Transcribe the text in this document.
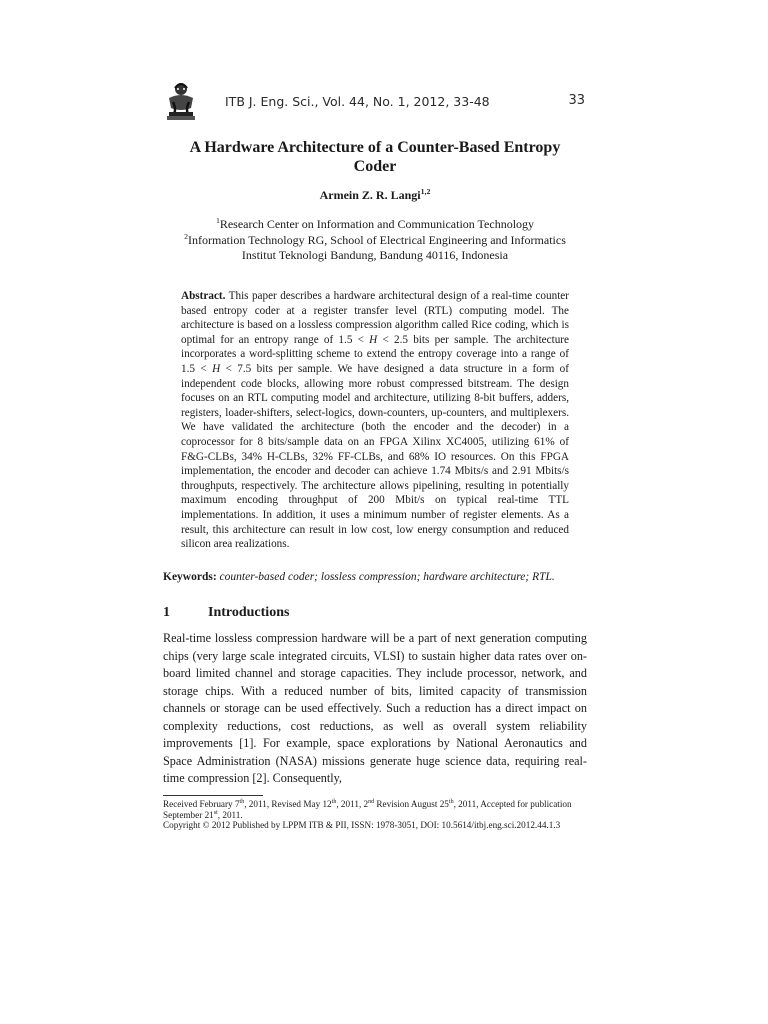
ITB J. Eng. Sci., Vol. 44, No. 1, 2012, 33-48	33
A Hardware Architecture of a Counter-Based Entropy
Coder
Armein Z. R. Langi$^{1,2}$
$^1$Research Center on Information and Communication Technology
$^2$Information Technology RG, School of Electrical Engineering and Informatics
Institut Teknologi Bandung, Bandung 40116, Indonesia
Abstract. This paper describes a hardware architectural design of a real-time counter based entropy coder at a register transfer level (RTL) computing model. The architecture is based on a lossless compression algorithm called Rice coding, which is optimal for an entropy range of 1.5 < H < 2.5 bits per sample. The architecture incorporates a word-splitting scheme to extend the entropy coverage into a range of 1.5 < H < 7.5 bits per sample. We have designed a data structure in a form of independent code blocks, allowing more robust compressed bitstream. The design focuses on an RTL computing model and architecture, utilizing 8-bit buffers, adders, registers, loader-shifters, select-logics, down-counters, up-counters, and multiplexers. We have validated the architecture (both the encoder and the decoder) in a coprocessor for 8 bits/sample data on an FPGA Xilinx XC4005, utilizing 61% of F&G-CLBs, 34% H-CLBs, 32% FF-CLBs, and 68% IO resources. On this FPGA implementation, the encoder and decoder can achieve 1.74 Mbits/s and 2.91 Mbits/s throughputs, respectively. The architecture allows pipelining, resulting in potentially maximum encoding throughput of 200 Mbit/s on typical real-time TTL implementations. In addition, it uses a minimum number of register elements. As a result, this architecture can result in low cost, low energy consumption and reduced silicon area realizations.
Keywords: counter-based coder; lossless compression; hardware architecture; RTL.
1	Introductions
Real-time lossless compression hardware will be a part of next generation computing chips (very large scale integrated circuits, VLSI) to sustain higher data rates over on-board limited channel and storage capacities. They include processor, network, and storage chips. With a reduced number of bits, limited capacity of transmission channels or storage can be used effectively. Such a reduction has a direct impact on complexity reductions, cost reductions, as well as overall system reliability improvements [1]. For example, space explorations by National Aeronautics and Space Administration (NASA) missions generate huge science data, requiring real-time compression [2]. Consequently,
Received February 7th, 2011, Revised May 12th, 2011, 2nd Revision August 25th, 2011, Accepted for publication September 21st, 2011.
Copyright © 2012 Published by LPPM ITB & PII, ISSN: 1978-3051, DOI: 10.5614/itbj.eng.sci.2012.44.1.3
